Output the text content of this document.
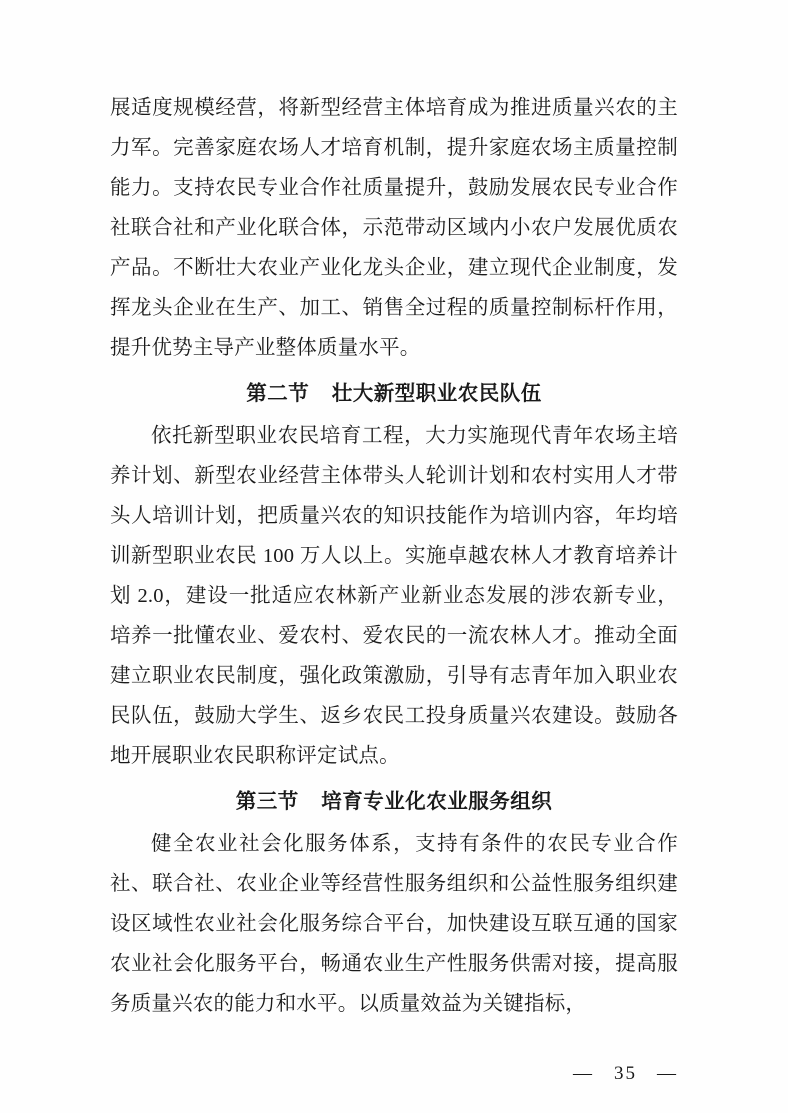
展适度规模经营，将新型经营主体培育成为推进质量兴农的主力军。完善家庭农场人才培育机制，提升家庭农场主质量控制能力。支持农民专业合作社质量提升，鼓励发展农民专业合作社联合社和产业化联合体，示范带动区域内小农户发展优质农产品。不断壮大农业产业化龙头企业，建立现代企业制度，发挥龙头企业在生产、加工、销售全过程的质量控制标杆作用，提升优势主导产业整体质量水平。

第二节 壮大新型职业农民队伍

依托新型职业农民培育工程，大力实施现代青年农场主培养计划、新型农业经营主体带头人轮训计划和农村实用人才带头人培训计划，把质量兴农的知识技能作为培训内容，年均培训新型职业农民 100 万人以上。实施卓越农林人才教育培养计划 2.0，建设一批适应农林新产业新业态发展的涉农新专业，培养一批懂农业、爱农村、爱农民的一流农林人才。推动全面建立职业农民制度，强化政策激励，引导有志青年加入职业农民队伍，鼓励大学生、返乡农民工投身质量兴农建设。鼓励各地开展职业农民职称评定试点。

第三节 培育专业化农业服务组织

健全农业社会化服务体系，支持有条件的农民专业合作社、联合社、农业企业等经营性服务组织和公益性服务组织建设区域性农业社会化服务综合平台，加快建设互联互通的国家农业社会化服务平台，畅通农业生产性服务供需对接，提高服务质量兴农的能力和水平。以质量效益为关键指标，

— 35 —
